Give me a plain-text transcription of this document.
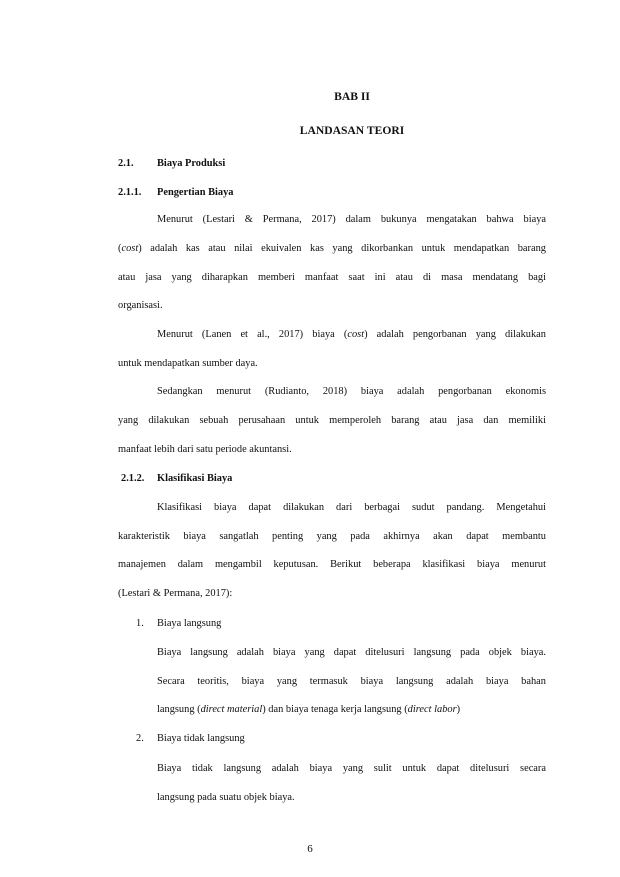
BAB II
LANDASAN TEORI
2.1. Biaya Produksi
2.1.1. Pengertian Biaya
Menurut (Lestari & Permana, 2017) dalam bukunya mengatakan bahwa biaya
(cost) adalah kas atau nilai ekuivalen kas yang dikorbankan untuk mendapatkan barang
atau jasa yang diharapkan memberi manfaat saat ini atau di masa mendatang bagi
organisasi.
Menurut (Lanen et al., 2017) biaya (cost) adalah pengorbanan yang dilakukan
untuk mendapatkan sumber daya.
Sedangkan menurut (Rudianto, 2018) biaya adalah pengorbanan ekonomis
yang dilakukan sebuah perusahaan untuk memperoleh barang atau jasa dan memiliki
manfaat lebih dari satu periode akuntansi.
2.1.2. Klasifikasi Biaya
Klasifikasi biaya dapat dilakukan dari berbagai sudut pandang. Mengetahui
karakteristik biaya sangatlah penting yang pada akhirnya akan dapat membantu
manajemen dalam mengambil keputusan. Berikut beberapa klasifikasi biaya menurut
(Lestari & Permana, 2017):
1.	Biaya langsung
Biaya langsung adalah biaya yang dapat ditelusuri langsung pada objek biaya.
Secara teoritis, biaya yang termasuk biaya langsung adalah biaya bahan
langsung (direct material) dan biaya tenaga kerja langsung (direct labor)
2.	Biaya tidak langsung
Biaya tidak langsung adalah biaya yang sulit untuk dapat ditelusuri secara
langsung pada suatu objek biaya.
6
